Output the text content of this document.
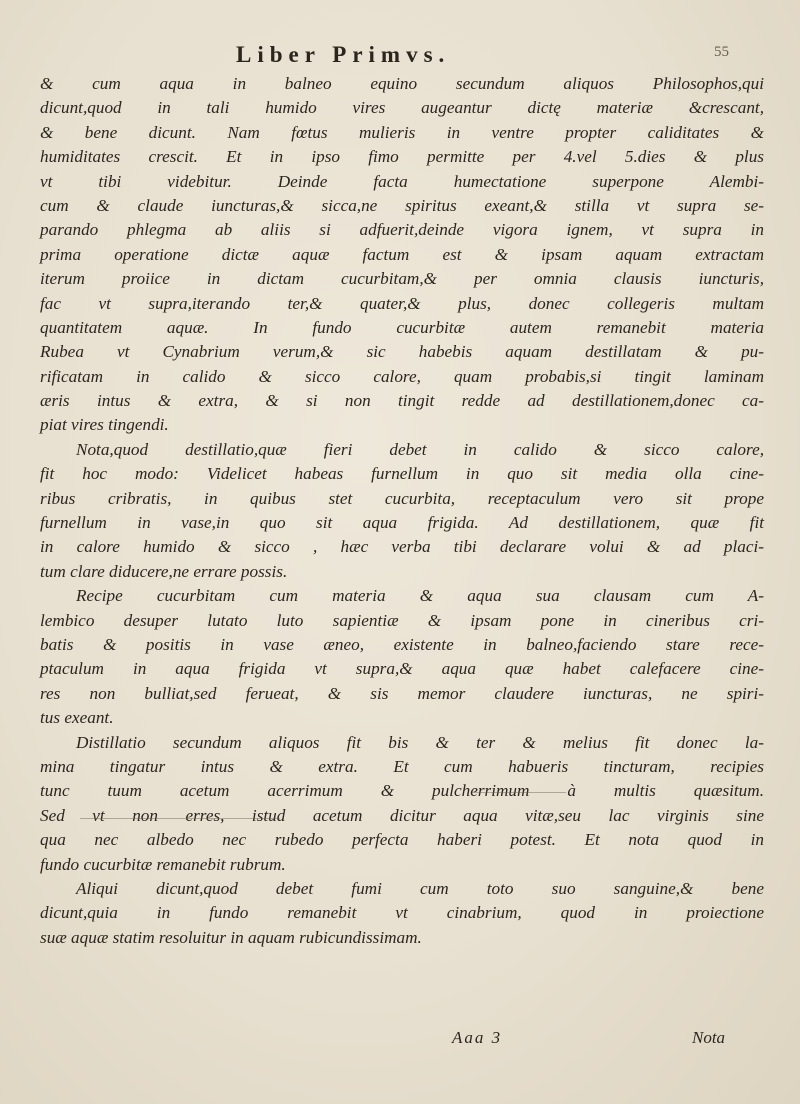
Liber Primvs.	55
& cum aqua in balneo equino secundum aliquos Philosophos,qui
dicunt,quod in tali humido vires augeantur dictę materiæ &crescant,
& bene dicunt. Nam fœtus mulieris in ventre propter caliditates &
humiditates crescit. Et in ipso fimo permitte per 4.vel 5.dies & plus
vt tibi videbitur. Deinde facta humectatione superpone Alembi-
cum & claude iuncturas,& sicca,ne spiritus exeant,& stilla vt supra se-
parando phlegma ab aliis si adfuerit,deinde vigora ignem, vt supra in
prima operatione dictæ aquæ factum est & ipsam aquam extractam
iterum proiice in dictam cucurbitam,& per omnia clausis iuncturis,
fac vt supra,iterando ter,& quater,& plus, donec collegeris multam
quantitatem aquæ. In fundo cucurbitæ autem remanebit materia
Rubea vt Cynabrium verum,& sic habebis aquam destillatam & pu-
rificatam in calido & sicco calore, quam probabis,si tingit laminam
æris intus & extra, & si non tingit redde ad destillationem,donec ca-
piat vires tingendi.
Nota,quod destillatio,quæ fieri debet in calido & sicco calore,
fit hoc modo: Videlicet habeas furnellum in quo sit media olla cine-
ribus cribratis, in quibus stet cucurbita, receptaculum vero sit prope
furnellum in vase,in quo sit aqua frigida. Ad destillationem, quæ fit
in calore humido & sicco , hæc verba tibi declarare volui & ad placi-
tum clare diducere,ne errare possis.
Recipe cucurbitam cum materia & aqua sua clausam cum A-
lembico desuper lutato luto sapientiæ & ipsam pone in cineribus cri-
batis & positis in vase æneo, existente in balneo,faciendo stare rece-
ptaculum in aqua frigida vt supra,& aqua quæ habet calefacere cine-
res non bulliat,sed ferueat, & sis memor claudere iuncturas, ne spiri-
tus exeant.
Distillatio secundum aliquos fit bis & ter & melius fit donec la-
mina tingatur intus & extra. Et cum habueris tincturam, recipies
tunc tuum acetum acerrimum & pulcherrimum à multis quæsitum.
Sed vt non erres, istud acetum dicitur aqua vitæ,seu lac virginis sine
qua nec albedo nec rubedo perfecta haberi potest. Et nota quod in
fundo cucurbitæ remanebit rubrum.
Aliqui dicunt,quod debet fumi cum toto suo sanguine,& bene
dicunt,quia in fundo remanebit vt cinabrium, quod in proiectione
suæ aquæ statim resoluitur in aquam rubicundissimam.
Aaa 3	Nota
